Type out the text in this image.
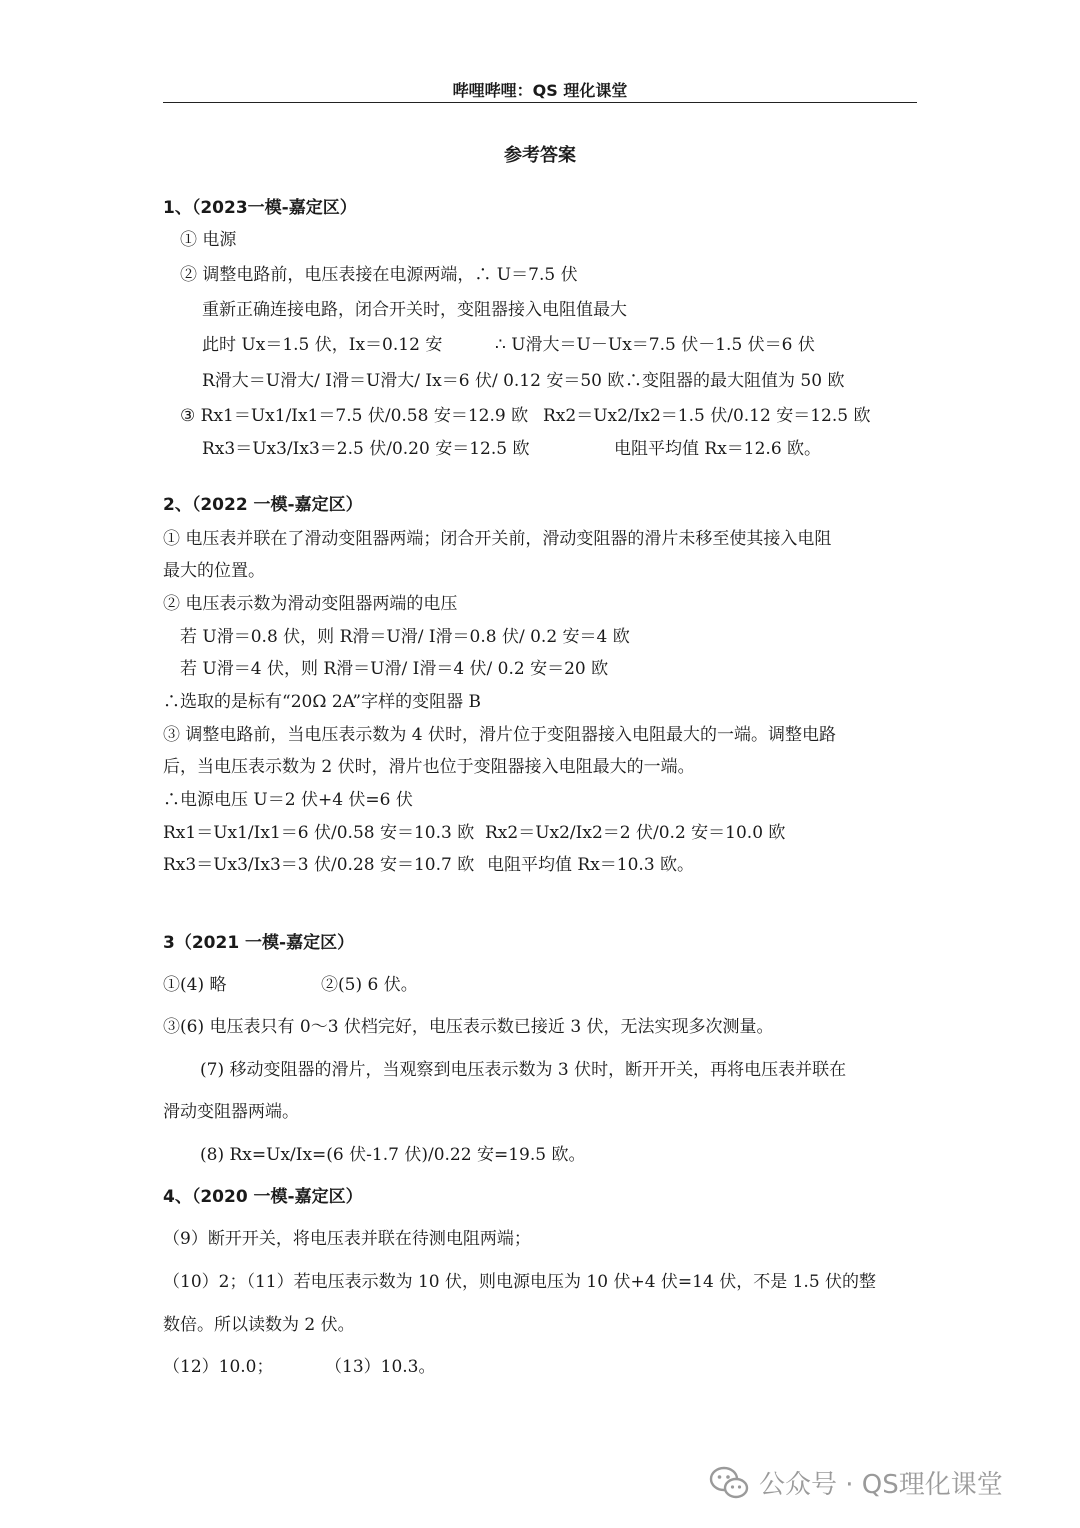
哔哩哔哩：QS 理化课堂
参考答案
1、（2023一模-嘉定区）
① 电源
② 调整电路前，电压表接在电源两端，∴ U＝7.5 伏
重新正确连接电路，闭合开关时，变阻器接入电阻值最大
此时 Ux＝1.5 伏，Ix＝0.12 安	∴ U滑大＝U－Ux＝7.5 伏－1.5 伏＝6 伏
R滑大＝U滑大/ I滑＝U滑大/ Ix＝6 伏/ 0.12 安＝50 欧 ∴变阻器的最大阻值为 50 欧
③ Rx1＝Ux1/Ix1＝7.5 伏/0.58 安＝12.9 欧 Rx2＝Ux2/Ix2＝1.5 伏/0.12 安＝12.5 欧
Rx3＝Ux3/Ix3＝2.5 伏/0.20 安＝12.5 欧	电阻平均值 Rx＝12.6 欧。
2、（2022 一模-嘉定区）
① 电压表并联在了滑动变阻器两端；闭合开关前，滑动变阻器的滑片未移至使其接入电阻
最大的位置。
② 电压表示数为滑动变阻器两端的电压
若 U滑＝0.8 伏，则 R滑＝U滑/ I滑＝0.8 伏/ 0.2 安＝4 欧
若 U滑＝4 伏，则 R滑＝U滑/ I滑＝4 伏/ 0.2 安＝20 欧
∴选取的是标有“20Ω 2A”字样的变阻器 B
③ 调整电路前，当电压表示数为 4 伏时，滑片位于变阻器接入电阻最大的一端。调整电路
后，当电压表示数为 2 伏时，滑片也位于变阻器接入电阻最大的一端。
∴电源电压 U＝2 伏+4 伏=6 伏
Rx1＝Ux1/Ix1＝6 伏/0.58 安＝10.3 欧 Rx2＝Ux2/Ix2＝2 伏/0.2 安＝10.0 欧
Rx3＝Ux3/Ix3＝3 伏/0.28 安＝10.7 欧 电阻平均值 Rx＝10.3 欧。
3（2021 一模-嘉定区）
①(4) 略	②(5) 6 伏。
③(6) 电压表只有 0～3 伏档完好，电压表示数已接近 3 伏，无法实现多次测量。
(7) 移动变阻器的滑片，当观察到电压表示数为 3 伏时，断开开关，再将电压表并联在
滑动变阻器两端。
(8) Rx=Ux/Ix=(6 伏-1.7 伏)/0.22 安=19.5 欧。
4、（2020 一模-嘉定区）
（9）断开开关，将电压表并联在待测电阻两端；
（10）2；（11）若电压表示数为 10 伏，则电源电压为 10 伏+4 伏=14 伏，不是 1.5 伏的整
数倍。所以读数为 2 伏。
（12）10.0；	（13）10.3。
公众号 · QS理化课堂
